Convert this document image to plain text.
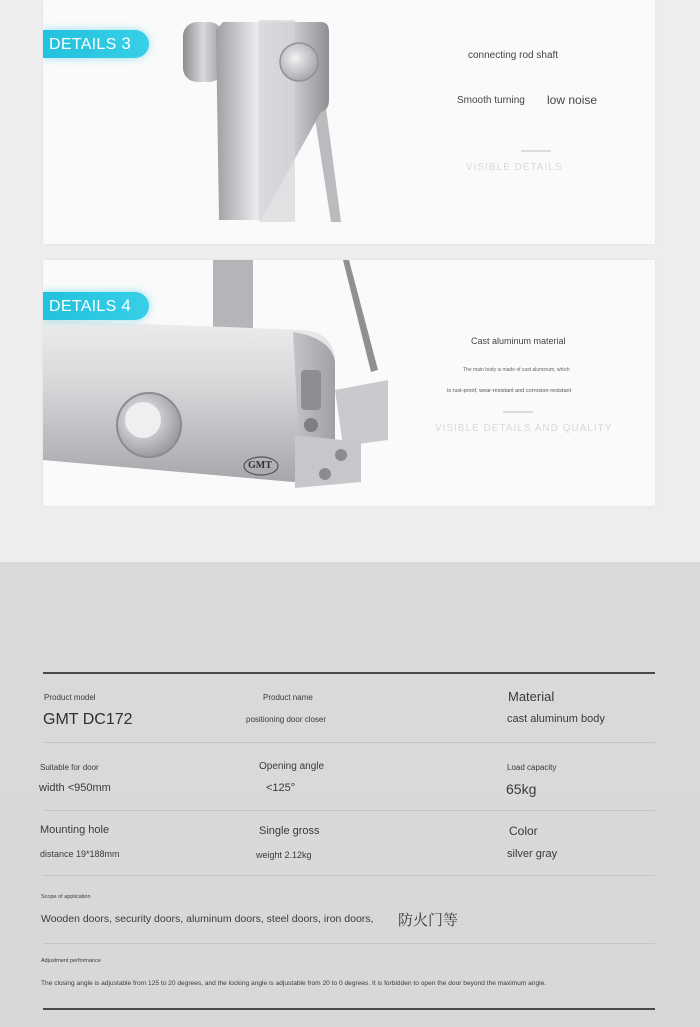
DETAILS 3
connecting rod shaft
Smooth turning low noise
VISIBLE DETAILS
GMT
DETAILS 4
Cast aluminum material
The main body is made of cast aluminum, which
is rust-proof, wear-resistant and corrosion-resistant
VISIBLE DETAILS AND QUALITY
Product model
GMT DC172
Product name
positioning door closer
Material
cast aluminum body
Suitable for door
width <950mm
Opening angle
<125°
Load capacity
65kg
Mounting hole
distance 19*188mm
Single gross
weight 2.12kg
Color
silver gray
Scope of application
Wooden doors, security doors, aluminum doors, steel doors, iron doors, 防火门等
Adjustment performance
The closing angle is adjustable from 125 to 20 degrees, and the locking angle is adjustable from 20 to 0 degrees. It is forbidden to open the door beyond the maximum angle.
